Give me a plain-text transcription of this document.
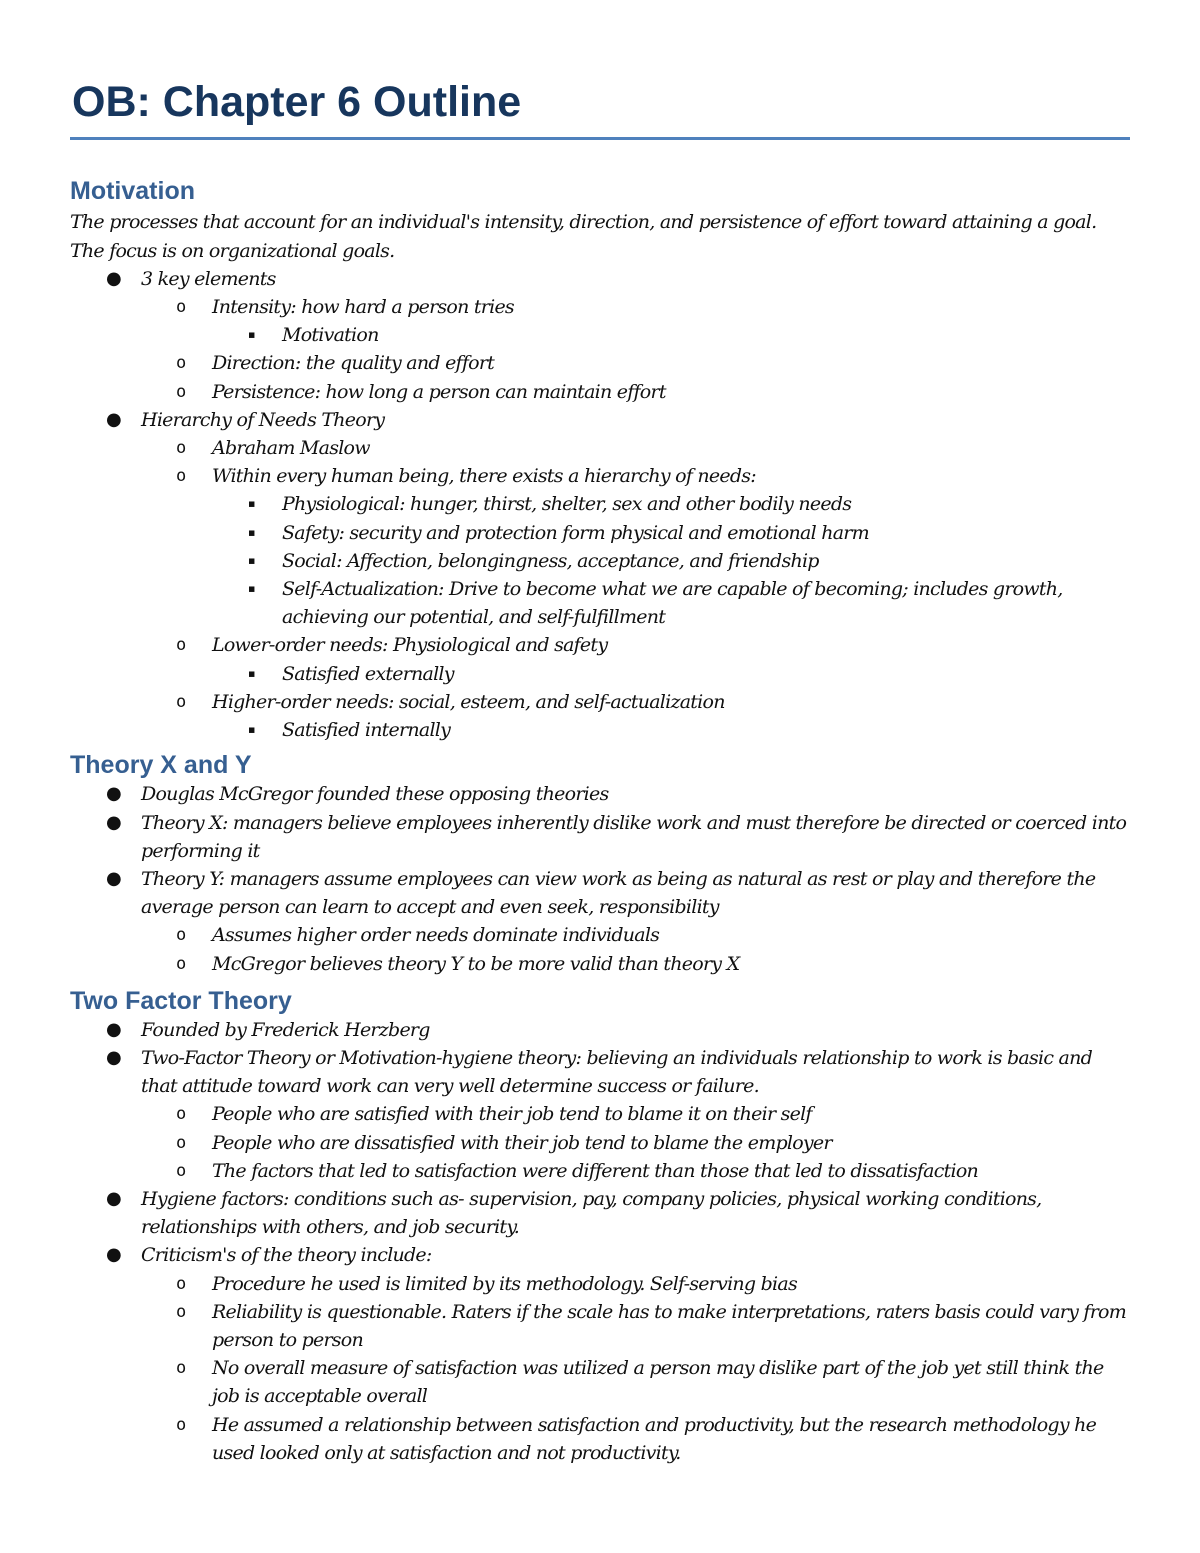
OB: Chapter 6 Outline
Motivation

The processes that account for an individual's intensity, direction, and persistence of effort toward attaining a goal. The focus is on organizational goals.

● 3 key elements
o Intensity: how hard a person tries
▪ Motivation
o Direction: the quality and effort
o Persistence: how long a person can maintain effort
● Hierarchy of Needs Theory
o Abraham Maslow
o Within every human being, there exists a hierarchy of needs:
▪ Physiological: hunger, thirst, shelter, sex and other bodily needs
▪ Safety: security and protection form physical and emotional harm
▪ Social: Affection, belongingness, acceptance, and friendship
▪ Self-Actualization: Drive to become what we are capable of becoming; includes growth, achieving our potential, and self-fulfillment
o Lower-order needs: Physiological and safety
▪ Satisfied externally
o Higher-order needs: social, esteem, and self-actualization
▪ Satisfied internally
Theory X and Y
● Douglas McGregor founded these opposing theories
● Theory X: managers believe employees inherently dislike work and must therefore be directed or coerced into performing it
● Theory Y: managers assume employees can view work as being as natural as rest or play and therefore the average person can learn to accept and even seek, responsibility
o Assumes higher order needs dominate individuals
o McGregor believes theory Y to be more valid than theory X
Two Factor Theory
● Founded by Frederick Herzberg
● Two-Factor Theory or Motivation-hygiene theory: believing an individuals relationship to work is basic and that attitude toward work can very well determine success or failure.
o People who are satisfied with their job tend to blame it on their self
o People who are dissatisfied with their job tend to blame the employer
o The factors that led to satisfaction were different than those that led to dissatisfaction
● Hygiene factors: conditions such as- supervision, pay, company policies, physical working conditions, relationships with others, and job security.
● Criticism's of the theory include:
o Procedure he used is limited by its methodology. Self-serving bias
o Reliability is questionable. Raters if the scale has to make interpretations, raters basis could vary from person to person
o No overall measure of satisfaction was utilized a person may dislike part of the job yet still think the job is acceptable overall
o He assumed a relationship between satisfaction and productivity, but the research methodology he used looked only at satisfaction and not productivity.
